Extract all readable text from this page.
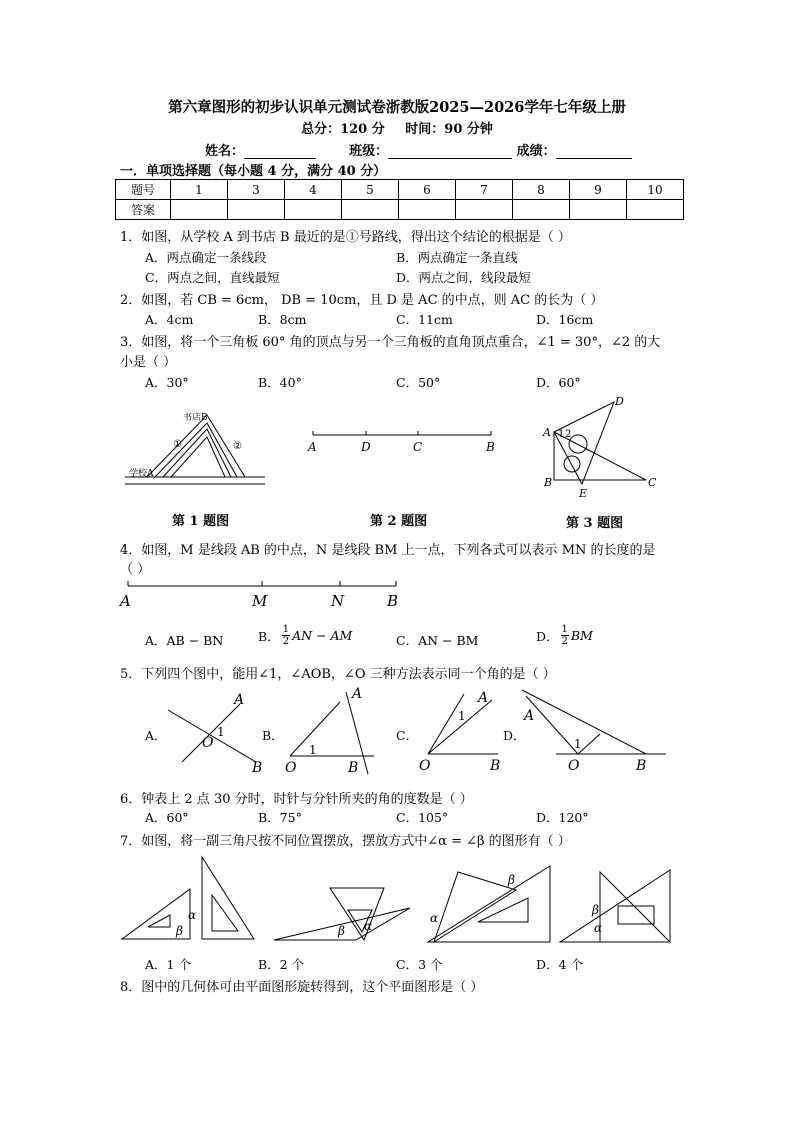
第六章图形的初步认识单元测试卷浙教版2025—2026学年七年级上册
总分：120 分 时间：90 分钟
姓名：	班级：	成绩：
一．单项选择题（每小题 4 分，满分 40 分）
题号	1	3	4	5	6	7	8	9	10
答案									
1．如图，从学校 A 到书店 B 最近的是①号路线，得出这个结论的根据是（ ）
A．两点确定一条线段	B．两点确定一条直线
C．两点之间，直线最短	D．两点之间，线段最短
2．如图，若 CB = 6cm， DB = 10cm，且 D 是 AC 的中点，则 AC 的长为（ ）
A．4cm	B．8cm	C．11cm	D．16cm
3．如图，将一个三角板 60° 角的顶点与另一个三角板的直角顶点重合，∠1 = 30°，∠2 的大
小是（ ）
A．30°	B．40°	C．50°	D．60°
书店B
学校A
①	②
第 1 题图
A	D	C	B
第 2 题图
A
B	C
D
E
1 2
第 3 题图
4．如图，M 是线段 AB 的中点，N 是线段 BM 上一点，下列各式可以表示 MN 的长度的是
（ ）
A	M	N	B
A．AB − BN	B． $\frac{1}{2}$ AN − AM	C．AN − BM	D． $\frac{1}{2}$ BM
5．下列四个图中，能用∠1，∠AOB，∠O 三种方法表示同一个角的是（ ）
A．
A
O
1
B
B．
A
O
1
B
C．
A
O
1
B
D．
A
O
1
B
6．钟表上 2 点 30 分时，时针与分针所夹的角的度数是（ ）
A．60°	B．75°	C．105°	D．120°
7．如图，将一副三角尺按不同位置摆放，摆放方式中∠α = ∠β 的图形有（ ）
α
β	β α
α
β
β
α
A．1 个	B．2 个	C．3 个	D．4 个
8．图中的几何体可由平面图形旋转得到，这个平面图形是（ ）
